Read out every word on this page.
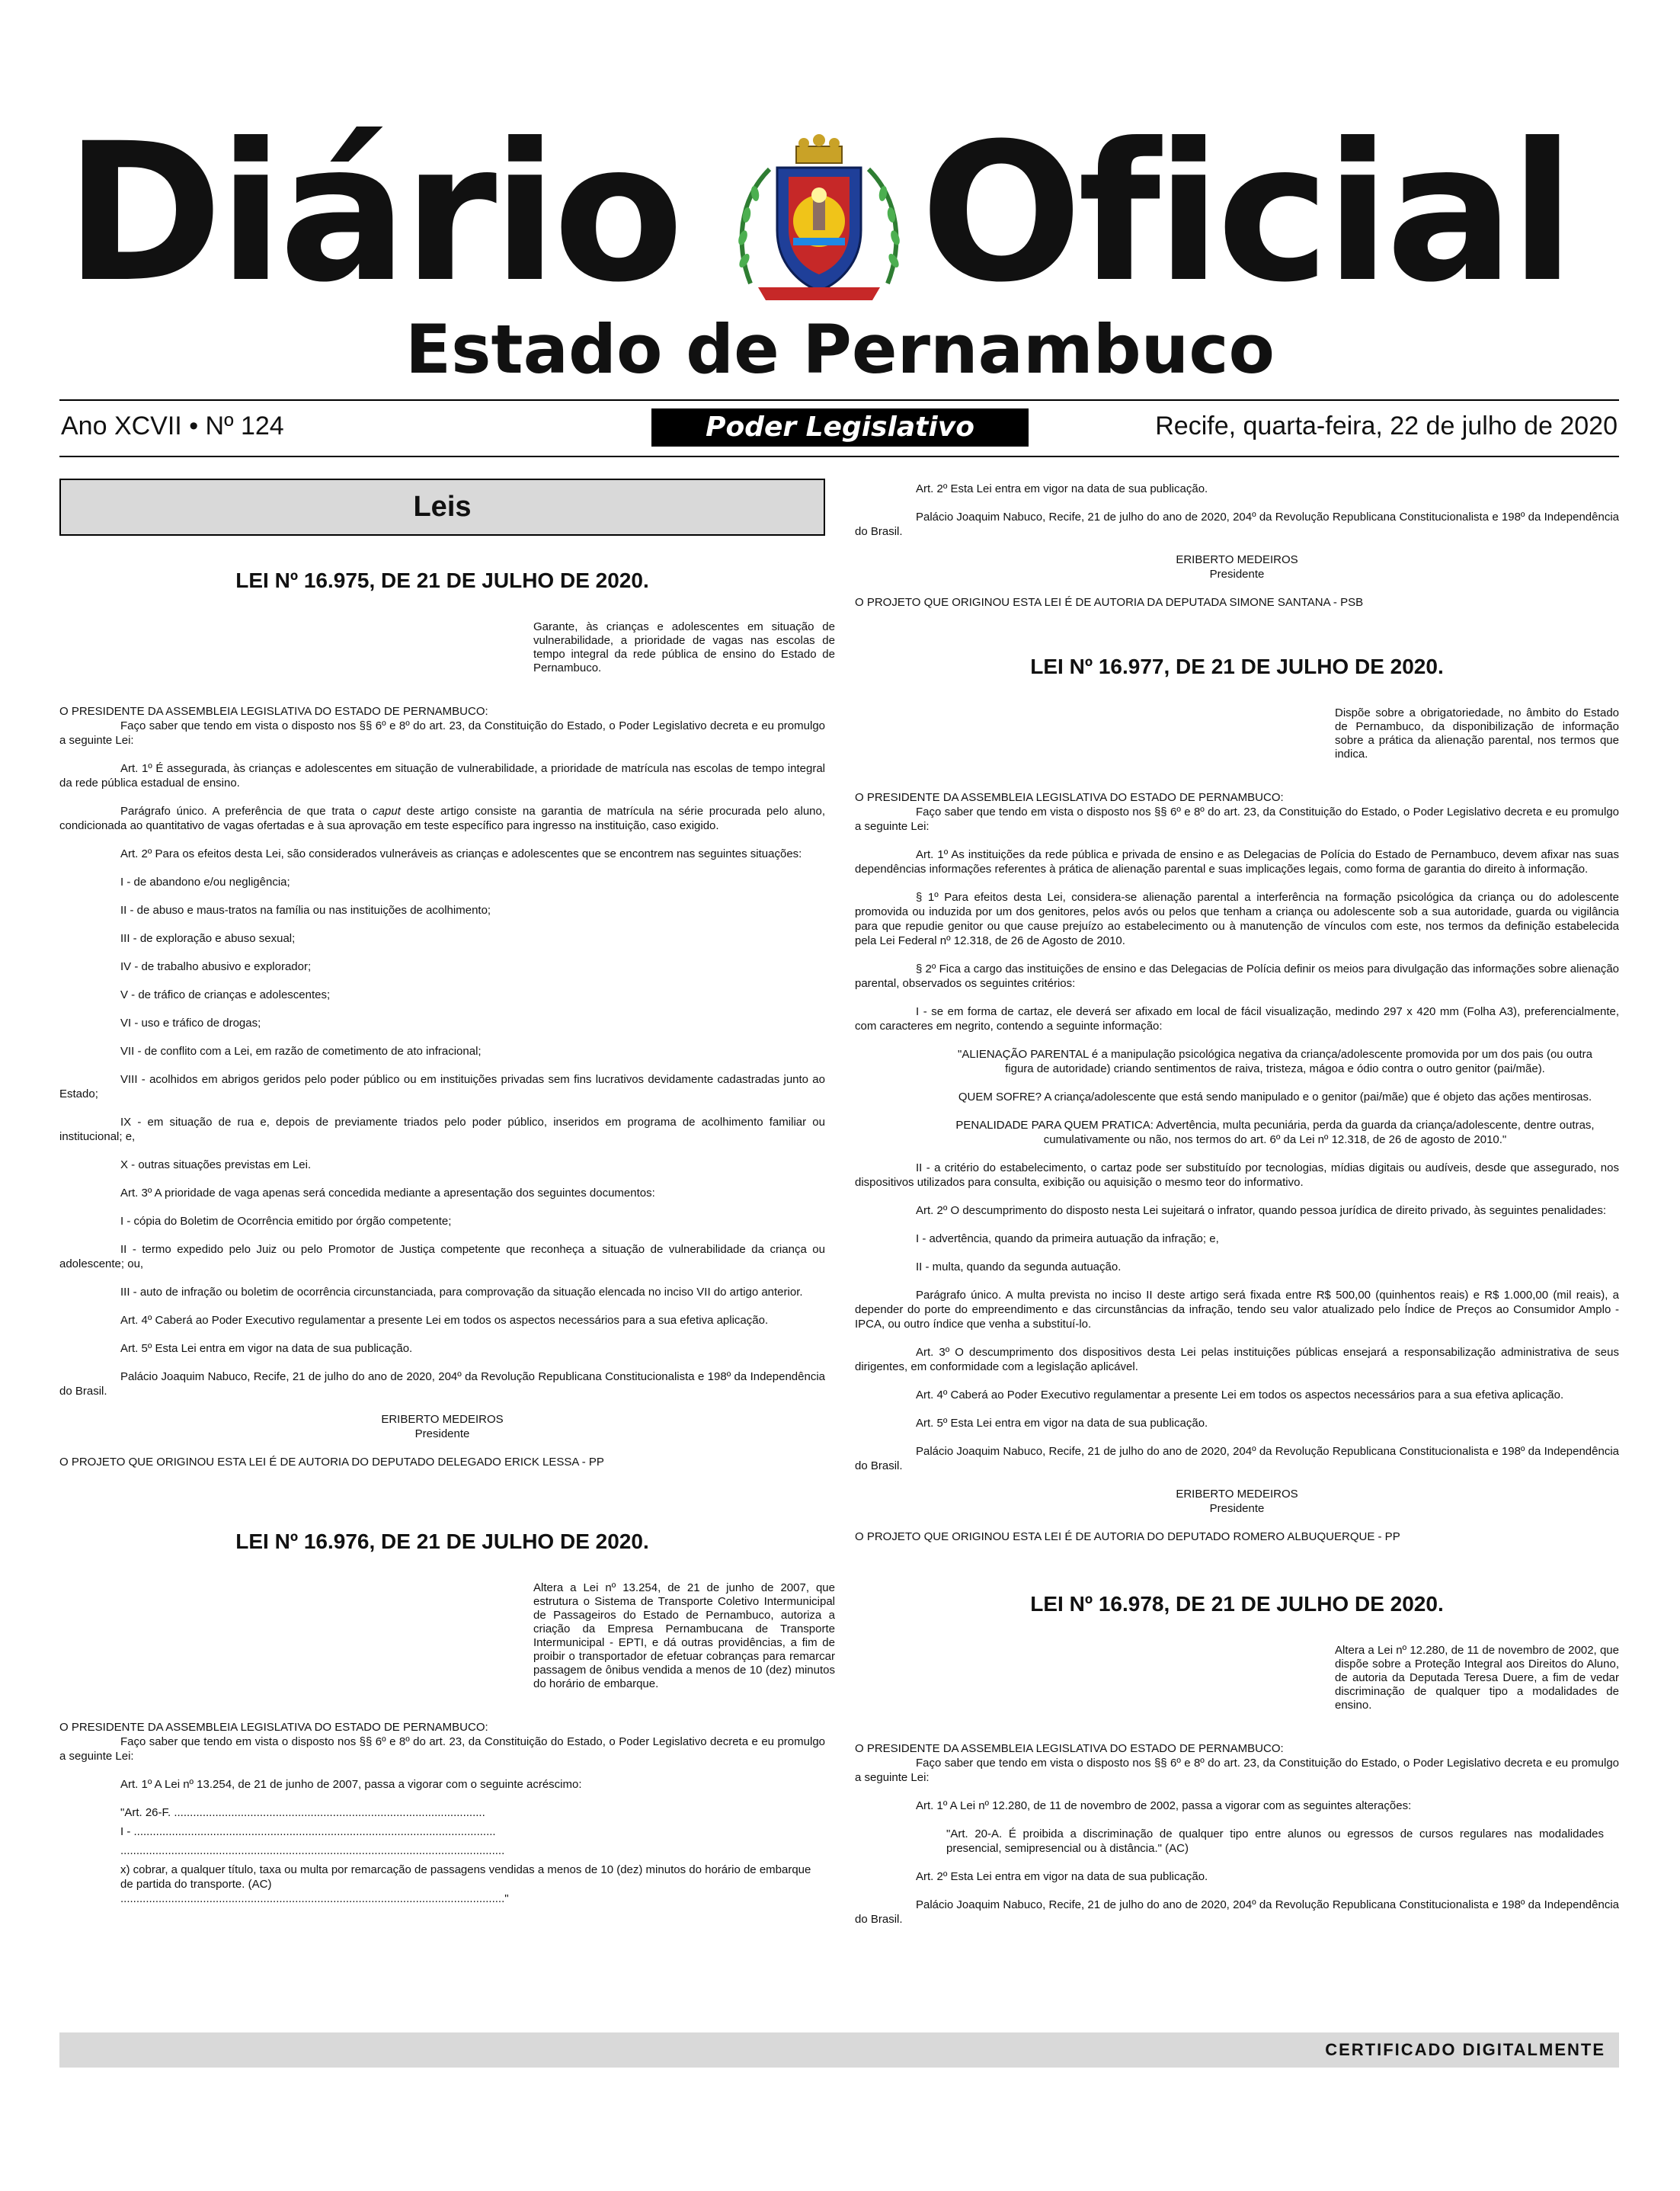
Diário Oficial
Estado de Pernambuco
Ano XCVII • Nº 124	Poder Legislativo	Recife, quarta-feira, 22 de julho de 2020
Leis
LEI Nº 16.975, DE 21 DE JULHO DE 2020.
Garante, às crianças e adolescentes em situação de vulnerabilidade, a prioridade de vagas nas escolas de tempo integral da rede pública de ensino do Estado de Pernambuco.

O PRESIDENTE DA ASSEMBLEIA LEGISLATIVA DO ESTADO DE PERNAMBUCO:

Faço saber que tendo em vista o disposto nos §§ 6º e 8º do art. 23, da Constituição do Estado, o Poder Legislativo decreta e eu promulgo a seguinte Lei:

Art. 1º É assegurada, às crianças e adolescentes em situação de vulnerabilidade, a prioridade de matrícula nas escolas de tempo integral da rede pública estadual de ensino.

Parágrafo único. A preferência de que trata o caput deste artigo consiste na garantia de matrícula na série procurada pelo aluno, condicionada ao quantitativo de vagas ofertadas e à sua aprovação em teste específico para ingresso na instituição, caso exigido.

Art. 2º Para os efeitos desta Lei, são considerados vulneráveis as crianças e adolescentes que se encontrem nas seguintes situações:

I - de abandono e/ou negligência;

II - de abuso e maus-tratos na família ou nas instituições de acolhimento;

III - de exploração e abuso sexual;

IV - de trabalho abusivo e explorador;

V - de tráfico de crianças e adolescentes;

VI - uso e tráfico de drogas;

VII - de conflito com a Lei, em razão de cometimento de ato infracional;

VIII - acolhidos em abrigos geridos pelo poder público ou em instituições privadas sem fins lucrativos devidamente cadastradas junto ao Estado;

IX - em situação de rua e, depois de previamente triados pelo poder público, inseridos em programa de acolhimento familiar ou institucional; e,

X - outras situações previstas em Lei.

Art. 3º A prioridade de vaga apenas será concedida mediante a apresentação dos seguintes documentos:

I - cópia do Boletim de Ocorrência emitido por órgão competente;

II - termo expedido pelo Juiz ou pelo Promotor de Justiça competente que reconheça a situação de vulnerabilidade da criança ou adolescente; ou,

III - auto de infração ou boletim de ocorrência circunstanciada, para comprovação da situação elencada no inciso VII do artigo anterior.

Art. 4º Caberá ao Poder Executivo regulamentar a presente Lei em todos os aspectos necessários para a sua efetiva aplicação.

Art. 5º Esta Lei entra em vigor na data de sua publicação.

Palácio Joaquim Nabuco, Recife, 21 de julho do ano de 2020, 204º da Revolução Republicana Constitucionalista e 198º da Independência do Brasil.

ERIBERTO MEDEIROS
Presidente

O PROJETO QUE ORIGINOU ESTA LEI É DE AUTORIA DO DEPUTADO DELEGADO ERICK LESSA - PP

LEI Nº 16.976, DE 21 DE JULHO DE 2020.
Altera a Lei nº 13.254, de 21 de junho de 2007, que estrutura o Sistema de Transporte Coletivo Intermunicipal de Passageiros do Estado de Pernambuco, autoriza a criação da Empresa Pernambucana de Transporte Intermunicipal - EPTI, e dá outras providências, a fim de proibir o transportador de efetuar cobranças para remarcar passagem de ônibus vendida a menos de 10 (dez) minutos do horário de embarque.

O PRESIDENTE DA ASSEMBLEIA LEGISLATIVA DO ESTADO DE PERNAMBUCO:

Faço saber que tendo em vista o disposto nos §§ 6º e 8º do art. 23, da Constituição do Estado, o Poder Legislativo decreta e eu promulgo a seguinte Lei:

Art. 1º A Lei nº 13.254, de 21 de junho de 2007, passa a vigorar com o seguinte acréscimo:

"Art. 26-F. ..................................................................................................

I - ..................................................................................................................

.........................................................................................................................

x) cobrar, a qualquer título, taxa ou multa por remarcação de passagens vendidas a menos de 10 (dez) minutos do horário de embarque de partida do transporte. (AC)

........................................................................................................................."

Art. 2º Esta Lei entra em vigor na data de sua publicação.

Palácio Joaquim Nabuco, Recife, 21 de julho do ano de 2020, 204º da Revolução Republicana Constitucionalista e 198º da Independência do Brasil.

ERIBERTO MEDEIROS
Presidente

O PROJETO QUE ORIGINOU ESTA LEI É DE AUTORIA DA DEPUTADA SIMONE SANTANA - PSB

LEI Nº 16.977, DE 21 DE JULHO DE 2020.
Dispõe sobre a obrigatoriedade, no âmbito do Estado de Pernambuco, da disponibilização de informação sobre a prática da alienação parental, nos termos que indica.

O PRESIDENTE DA ASSEMBLEIA LEGISLATIVA DO ESTADO DE PERNAMBUCO:

Faço saber que tendo em vista o disposto nos §§ 6º e 8º do art. 23, da Constituição do Estado, o Poder Legislativo decreta e eu promulgo a seguinte Lei:

Art. 1º As instituições da rede pública e privada de ensino e as Delegacias de Polícia do Estado de Pernambuco, devem afixar nas suas dependências informações referentes à prática de alienação parental e suas implicações legais, como forma de garantia do direito à informação.

§ 1º Para efeitos desta Lei, considera-se alienação parental a interferência na formação psicológica da criança ou do adolescente promovida ou induzida por um dos genitores, pelos avós ou pelos que tenham a criança ou adolescente sob a sua autoridade, guarda ou vigilância para que repudie genitor ou que cause prejuízo ao estabelecimento ou à manutenção de vínculos com este, nos termos da definição estabelecida pela Lei Federal nº 12.318, de 26 de Agosto de 2010.

§ 2º Fica a cargo das instituições de ensino e das Delegacias de Polícia definir os meios para divulgação das informações sobre alienação parental, observados os seguintes critérios:

I - se em forma de cartaz, ele deverá ser afixado em local de fácil visualização, medindo 297 x 420 mm (Folha A3), preferencialmente, com caracteres em negrito, contendo a seguinte informação:

"ALIENAÇÃO PARENTAL é a manipulação psicológica negativa da criança/adolescente promovida por um dos pais (ou outra figura de autoridade) criando sentimentos de raiva, tristeza, mágoa e ódio contra o outro genitor (pai/mãe).

QUEM SOFRE? A criança/adolescente que está sendo manipulado e o genitor (pai/mãe) que é objeto das ações mentirosas.

PENALIDADE PARA QUEM PRATICA: Advertência, multa pecuniária, perda da guarda da criança/adolescente, dentre outras, cumulativamente ou não, nos termos do art. 6º da Lei nº 12.318, de 26 de agosto de 2010."

II - a critério do estabelecimento, o cartaz pode ser substituído por tecnologias, mídias digitais ou audíveis, desde que assegurado, nos dispositivos utilizados para consulta, exibição ou aquisição o mesmo teor do informativo.

Art. 2º O descumprimento do disposto nesta Lei sujeitará o infrator, quando pessoa jurídica de direito privado, às seguintes penalidades:

I - advertência, quando da primeira autuação da infração; e,

II - multa, quando da segunda autuação.

Parágrafo único. A multa prevista no inciso II deste artigo será fixada entre R$ 500,00 (quinhentos reais) e R$ 1.000,00 (mil reais), a depender do porte do empreendimento e das circunstâncias da infração, tendo seu valor atualizado pelo Índice de Preços ao Consumidor Amplo - IPCA, ou outro índice que venha a substituí-lo.

Art. 3º O descumprimento dos dispositivos desta Lei pelas instituições públicas ensejará a responsabilização administrativa de seus dirigentes, em conformidade com a legislação aplicável.

Art. 4º Caberá ao Poder Executivo regulamentar a presente Lei em todos os aspectos necessários para a sua efetiva aplicação.

Art. 5º Esta Lei entra em vigor na data de sua publicação.

Palácio Joaquim Nabuco, Recife, 21 de julho do ano de 2020, 204º da Revolução Republicana Constitucionalista e 198º da Independência do Brasil.

ERIBERTO MEDEIROS
Presidente

O PROJETO QUE ORIGINOU ESTA LEI É DE AUTORIA DO DEPUTADO ROMERO ALBUQUERQUE - PP

LEI Nº 16.978, DE 21 DE JULHO DE 2020.
Altera a Lei nº 12.280, de 11 de novembro de 2002, que dispõe sobre a Proteção Integral aos Direitos do Aluno, de autoria da Deputada Teresa Duere, a fim de vedar discriminação de qualquer tipo a modalidades de ensino.

O PRESIDENTE DA ASSEMBLEIA LEGISLATIVA DO ESTADO DE PERNAMBUCO:

Faço saber que tendo em vista o disposto nos §§ 6º e 8º do art. 23, da Constituição do Estado, o Poder Legislativo decreta e eu promulgo a seguinte Lei:

Art. 1º A Lei nº 12.280, de 11 de novembro de 2002, passa a vigorar com as seguintes alterações:

"Art. 20-A. É proibida a discriminação de qualquer tipo entre alunos ou egressos de cursos regulares nas modalidades presencial, semipresencial ou à distância." (AC)

Art. 2º Esta Lei entra em vigor na data de sua publicação.

Palácio Joaquim Nabuco, Recife, 21 de julho do ano de 2020, 204º da Revolução Republicana Constitucionalista e 198º da Independência do Brasil.

CERTIFICADO DIGITALMENTE
